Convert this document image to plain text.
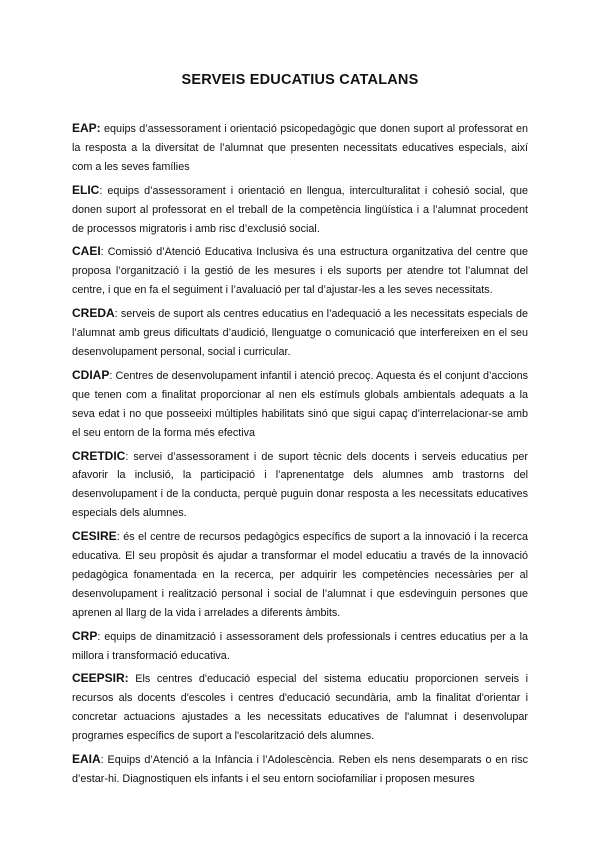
SERVEIS EDUCATIUS CATALANS

EAP: equips d’assessorament i orientació psicopedagògic que donen suport al professorat en la resposta a la diversitat de l’alumnat que presenten necessitats educatives especials, així com a les seves famílies

ELIC: equips d’assessorament i orientació en llengua, interculturalitat i cohesió social, que donen suport al professorat en el treball de la competència lingüística i a l’alumnat procedent de processos migratoris i amb risc d’exclusió social.

CAEI: Comissió d’Atenció Educativa Inclusiva és una estructura organitzativa del centre que proposa l’organització i la gestió de les mesures i els suports per atendre tot l’alumnat del centre, i que en fa el seguiment i l’avaluació per tal d’ajustar-les a les seves necessitats.

CREDA: serveis de suport als centres educatius en l’adequació a les necessitats especials de l’alumnat amb greus dificultats d’audició, llenguatge o comunicació que interfereixen en el seu desenvolupament personal, social i curricular.

CDIAP: Centres de desenvolupament infantil i atenció precoç. Aquesta és el conjunt d’accions que tenen com a finalitat proporcionar al nen els estímuls globals ambientals adequats a la seva edat i no que posseeixi múltiples habilitats sinó que sigui capaç d’interrelacionar-se amb el seu entorn de la forma més efectiva

CRETDIC: servei d’assessorament i de suport tècnic dels docents i serveis educatius per afavorir la inclusió, la participació i l’aprenentatge dels alumnes amb trastorns del desenvolupament i de la conducta, perquè puguin donar resposta a les necessitats educatives especials dels alumnes.

CESIRE: és el centre de recursos pedagògics específics de suport a la innovació i la recerca educativa. El seu propòsit és ajudar a transformar el model educatiu a través de la innovació pedagògica fonamentada en la recerca, per adquirir les competències necessàries per al desenvolupament i realització personal i social de l’alumnat i que esdevinguin persones que aprenen al llarg de la vida i arrelades a diferents àmbits.

CRP: equips de dinamització i assessorament dels professionals i centres educatius per a la millora i transformació educativa.

CEEPSIR: Els centres d'educació especial del sistema educatiu proporcionen serveis i recursos als docents d'escoles i centres d'educació secundària, amb la finalitat d'orientar i concretar actuacions ajustades a les necessitats educatives de l'alumnat i desenvolupar programes específics de suport a l'escolarització dels alumnes.

EAIA: Equips d’Atenció a la Infància i l’Adolescència. Reben els nens desemparats o en risc d’estar-hi. Diagnostiquen els infants i el seu entorn sociofamiliar i proposen mesures
